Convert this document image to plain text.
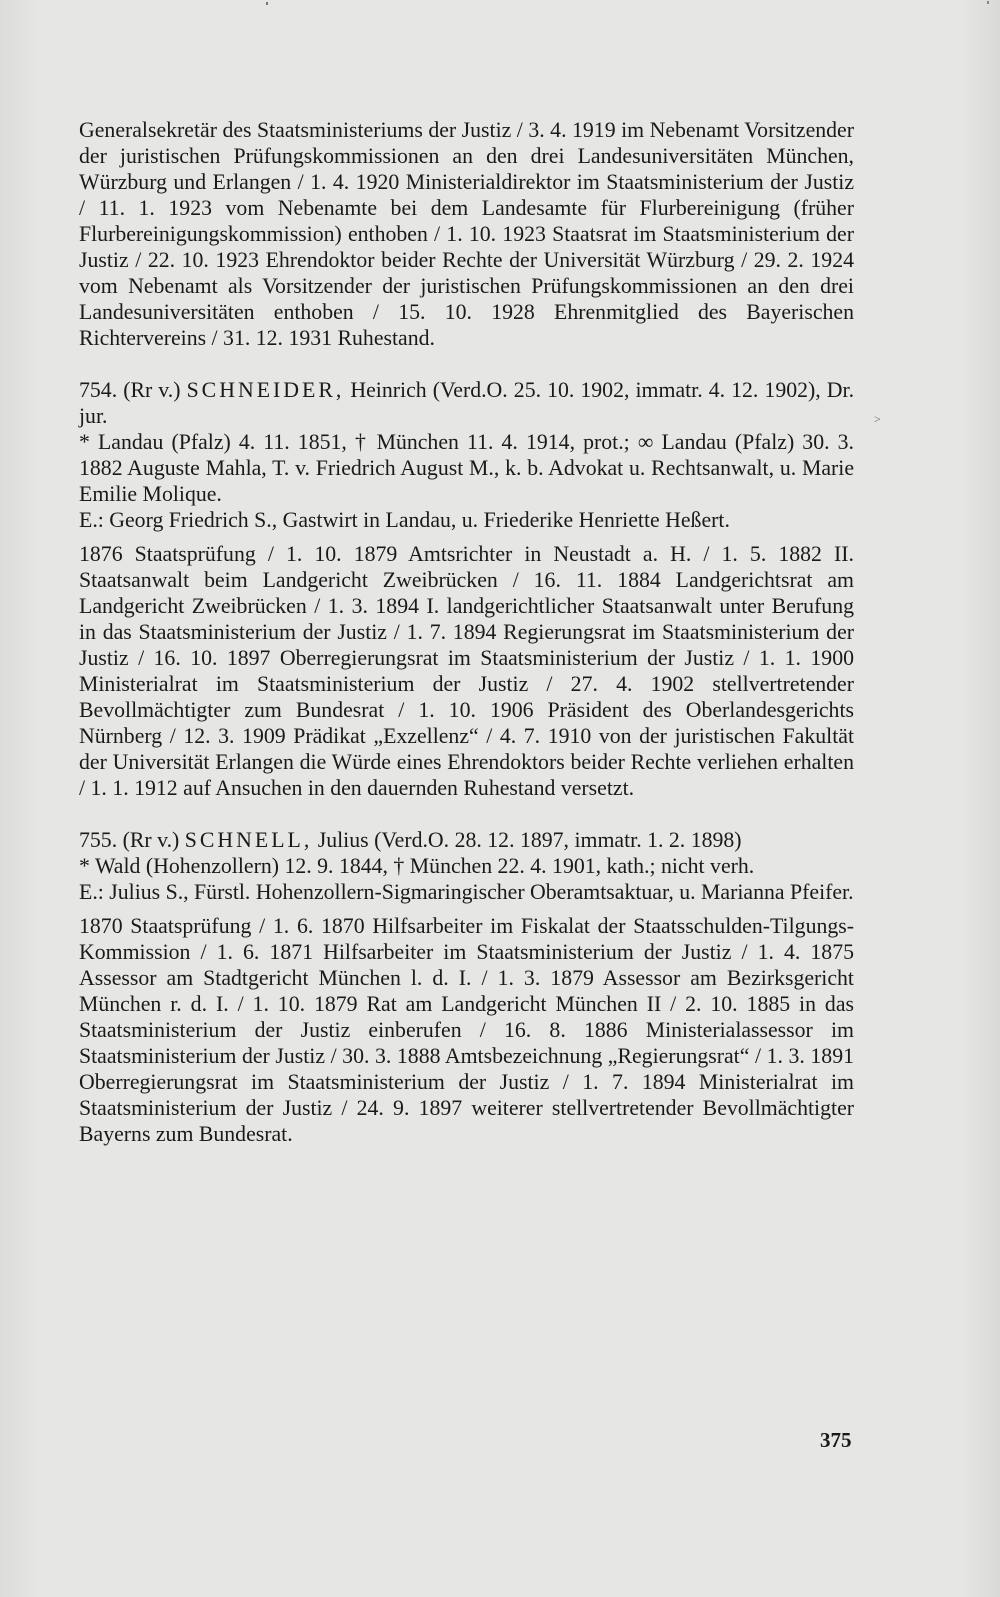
Generalsekretär des Staatsministeriums der Justiz / 3. 4. 1919 im Nebenamt Vorsitzender der juristischen Prüfungskommissionen an den drei Landesuniversitäten München, Würzburg und Erlangen / 1. 4. 1920 Ministerialdirektor im Staatsministerium der Justiz / 11. 1. 1923 vom Nebenamte bei dem Landesamte für Flurbereinigung (früher Flurbereinigungskommission) enthoben / 1. 10. 1923 Staatsrat im Staatsministerium der Justiz / 22. 10. 1923 Ehrendoktor beider Rechte der Universität Würzburg / 29. 2. 1924 vom Nebenamt als Vorsitzender der juristischen Prüfungskommissionen an den drei Landesuniversitäten enthoben / 15. 10. 1928 Ehrenmitglied des Bayerischen Richtervereins / 31. 12. 1931 Ruhestand.

754. (Rr v.) SCHNEIDER, Heinrich (Verd.O. 25. 10. 1902, immatr. 4. 12. 1902), Dr. jur.

* Landau (Pfalz) 4. 11. 1851, † München 11. 4. 1914, prot.; ∞ Landau (Pfalz) 30. 3. 1882 Auguste Mahla, T. v. Friedrich August M., k. b. Advokat u. Rechtsanwalt, u. Marie Emilie Molique.

E.: Georg Friedrich S., Gastwirt in Landau, u. Friederike Henriette Heßert.

1876 Staatsprüfung / 1. 10. 1879 Amtsrichter in Neustadt a. H. / 1. 5. 1882 II. Staatsanwalt beim Landgericht Zweibrücken / 16. 11. 1884 Landgerichtsrat am Landgericht Zweibrücken / 1. 3. 1894 I. landgerichtlicher Staatsanwalt unter Berufung in das Staatsministerium der Justiz / 1. 7. 1894 Regierungsrat im Staatsministerium der Justiz / 16. 10. 1897 Oberregierungsrat im Staatsministerium der Justiz / 1. 1. 1900 Ministerialrat im Staatsministerium der Justiz / 27. 4. 1902 stellvertretender Bevollmächtigter zum Bundesrat / 1. 10. 1906 Präsident des Oberlandesgerichts Nürnberg / 12. 3. 1909 Prädikat „Exzellenz“ / 4. 7. 1910 von der juristischen Fakultät der Universität Erlangen die Würde eines Ehrendoktors beider Rechte verliehen erhalten / 1. 1. 1912 auf Ansuchen in den dauernden Ruhestand versetzt.

755. (Rr v.) SCHNELL, Julius (Verd.O. 28. 12. 1897, immatr. 1. 2. 1898)

* Wald (Hohenzollern) 12. 9. 1844, † München 22. 4. 1901, kath.; nicht verh.

E.: Julius S., Fürstl. Hohenzollern-Sigmaringischer Oberamtsaktuar, u. Marianna Pfeifer.

1870 Staatsprüfung / 1. 6. 1870 Hilfsarbeiter im Fiskalat der Staatsschulden-Tilgungs-Kommission / 1. 6. 1871 Hilfsarbeiter im Staatsministerium der Justiz / 1. 4. 1875 Assessor am Stadtgericht München l. d. I. / 1. 3. 1879 Assessor am Bezirksgericht München r. d. I. / 1. 10. 1879 Rat am Landgericht München II / 2. 10. 1885 in das Staatsministerium der Justiz einberufen / 16. 8. 1886 Ministerialassessor im Staatsministerium der Justiz / 30. 3. 1888 Amtsbezeichnung „Regierungsrat“ / 1. 3. 1891 Oberregierungsrat im Staatsministerium der Justiz / 1. 7. 1894 Ministerialrat im Staatsministerium der Justiz / 24. 9. 1897 weiterer stellvertretender Bevollmächtigter Bayerns zum Bundesrat.

>
375
